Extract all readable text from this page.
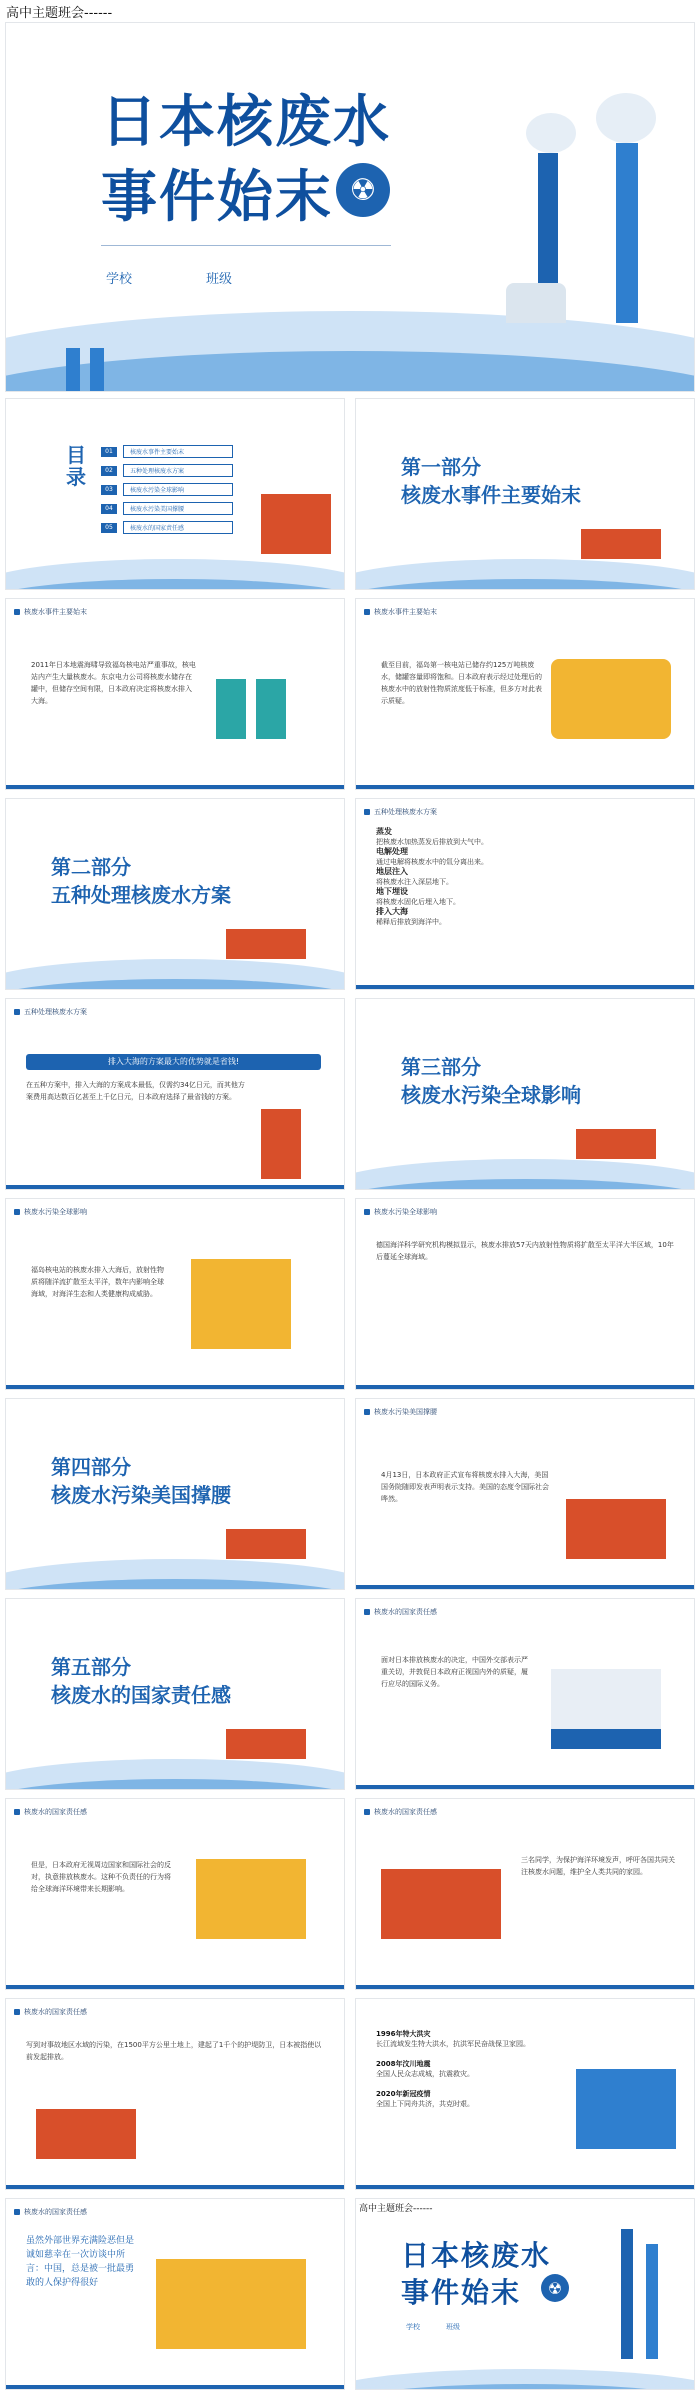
高中主题班会------
日本核废水
事件始末 ☢
学校	班级
目录
01	核废水事件主要始末
02	五种处理核废水方案
03	核废水污染全球影响
04	核废水污染美国撑腰
05	核废水的国家责任感
第一部分
核废水事件主要始末
核废水事件主要始末
2011年日本地震海啸导致福岛核电站严重事故，核电站内产生大量核废水。东京电力公司将核废水储存在罐中，但储存空间有限，日本政府决定将核废水排入大海。
核废水事件主要始末
截至目前，福岛第一核电站已储存约125万吨核废水，储罐容量即将饱和。日本政府表示经过处理后的核废水中的放射性物质浓度低于标准，但多方对此表示质疑。
第二部分
五种处理核废水方案
五种处理核废水方案
蒸发
把核废水加热蒸发后排放到大气中。
电解处理
通过电解将核废水中的氚分离出来。
地层注入
将核废水注入深层地下。
地下埋设
将核废水固化后埋入地下。
排入大海
稀释后排放到海洋中。
五种处理核废水方案
排入大海的方案最大的优势就是省钱!
在五种方案中，排入大海的方案成本最低，仅需约34亿日元，而其他方案费用高达数百亿甚至上千亿日元，日本政府选择了最省钱的方案。
第三部分
核废水污染全球影响
核废水污染全球影响
福岛核电站的核废水排入大海后，放射性物质将随洋流扩散至太平洋，数年内影响全球海域，对海洋生态和人类健康构成威胁。
核废水污染全球影响
德国海洋科学研究机构模拟显示，核废水排放57天内放射性物质将扩散至太平洋大半区域，10年后蔓延全球海域。
第四部分
核废水污染美国撑腰
核废水污染美国撑腰
4月13日，日本政府正式宣布将核废水排入大海，美国国务院随即发表声明表示支持。美国的态度令国际社会哗然。
第五部分
核废水的国家责任感
核废水的国家责任感
面对日本排放核废水的决定，中国外交部表示严重关切，并敦促日本政府正视国内外的质疑，履行应尽的国际义务。
核废水的国家责任感
但是，日本政府无视周边国家和国际社会的反对，执意排放核废水。这种不负责任的行为将给全球海洋环境带来长期影响。
核废水的国家责任感
三名同学，为保护海洋环境发声，呼吁各国共同关注核废水问题，维护全人类共同的家园。
核废水的国家责任感
写到对事故地区水域的污染，在1500平方公里土地上，建起了1千个的护堤防卫，日本被指使以前发起排放。
1996年特大洪灾
长江流域发生特大洪水，抗洪军民奋战保卫家园。
2008年汶川地震
全国人民众志成城，抗震救灾。
2020年新冠疫情
全国上下同舟共济，共克时艰。
核废水的国家责任感
虽然外部世界充满险恶但是诚如慈幸在一次访谈中所言：中国，总是被一批最勇敢的人保护得很好
高中主题班会------
日本核废水
事件始末	☢
学校	班级
